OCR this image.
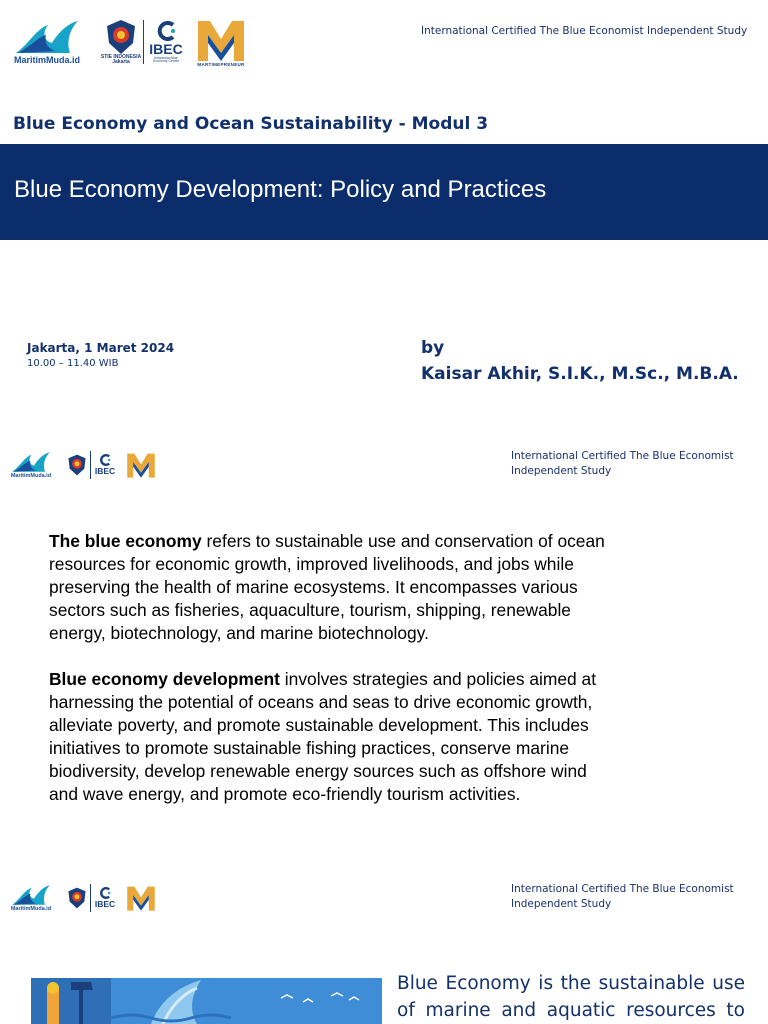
MaritimMuda.id	STIE INDONESIA
Jakarta
IBEC
Indonesia Blue Economy Center
MARTIMEPRENEUR
International Certified The Blue Economist Independent Study
Blue Economy and Ocean Sustainability - Modul 3
Blue Economy Development: Policy and Practices
Jakarta, 1 Maret 2024
10.00 – 11.40 WIB
by
Kaisar Akhir, S.I.K., M.Sc., M.B.A.
MaritimMuda.id	IBEC
International Certified The Blue Economist
Independent Study
The blue economy refers to sustainable use and conservation of ocean
resources for economic growth, improved livelihoods, and jobs while
preserving the health of marine ecosystems. It encompasses various
sectors such as fisheries, aquaculture, tourism, shipping, renewable
energy, biotechnology, and marine biotechnology.
Blue economy development involves strategies and policies aimed at
harnessing the potential of oceans and seas to drive economic growth,
alleviate poverty, and promote sustainable development. This includes
initiatives to promote sustainable fishing practices, conserve marine
biodiversity, develop renewable energy sources such as offshore wind
and wave energy, and promote eco-friendly tourism activities.
MaritimMuda.id	IBEC
International Certified The Blue Economist
Independent Study
Blue Economy is the sustainable use
of marine and aquatic resources to
